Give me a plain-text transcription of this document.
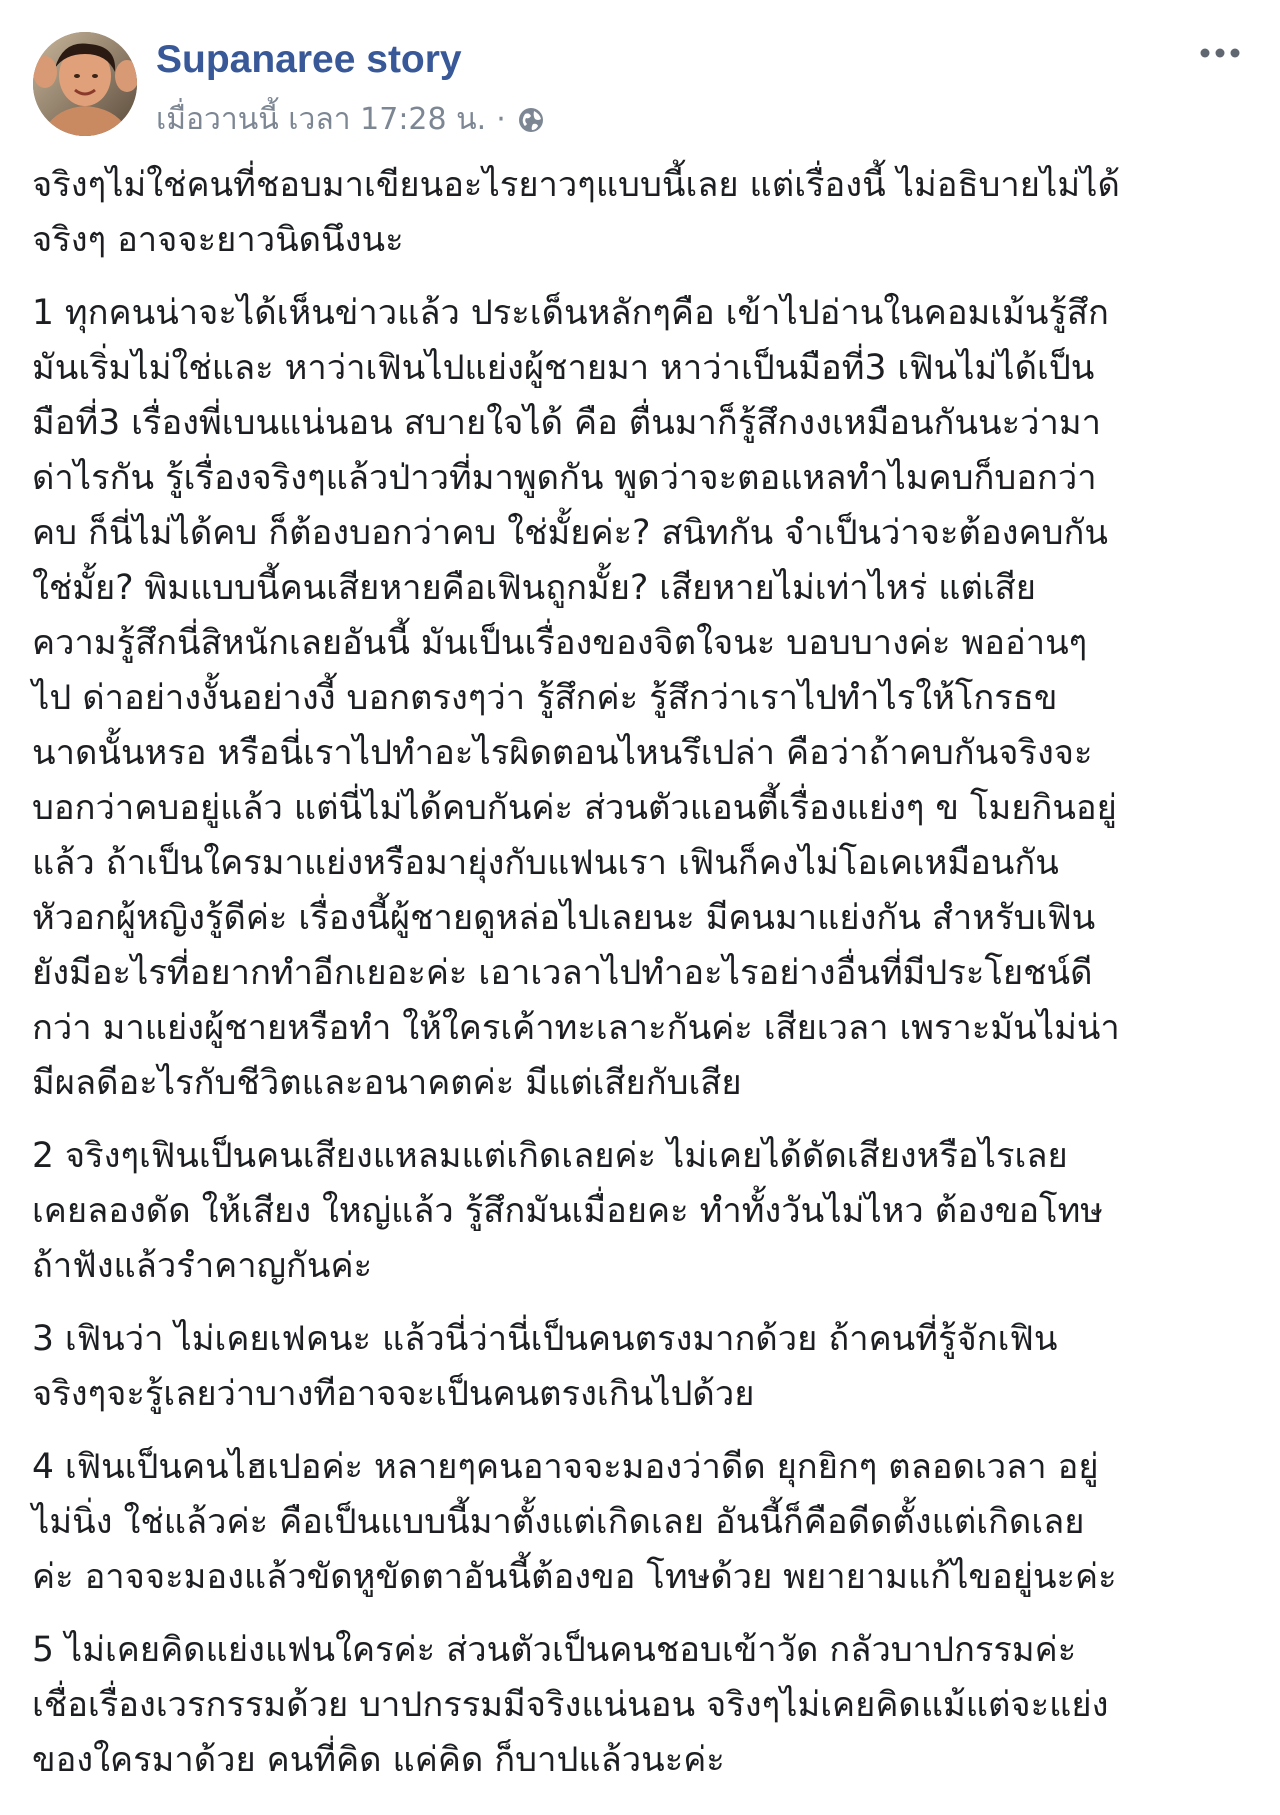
Supanaree story
เมื่อวานนี้ เวลา 17:28 น. ·

จริงๆไม่ใช่คนที่ชอบมาเขียนอะไรยาวๆแบบนี้เลย แต่เรื่องนี้ ไม่อธิบายไม่ได้
จริงๆ อาจจะยาวนิดนึงนะ

1 ทุกคนน่าจะได้เห็นข่าวแล้ว ประเด็นหลักๆคือ เข้าไปอ่านในคอมเม้นรู้สึก
มันเริ่มไม่ใช่และ หาว่าเฟินไปแย่งผู้ชายมา หาว่าเป็นมือที่3 เฟินไม่ได้เป็น
มือที่3 เรื่องพี่เบนแน่นอน สบายใจได้ คือ ตื่นมาก็รู้สึกงงเหมือนกันนะว่ามา
ด่าไรกัน รู้เรื่องจริงๆแล้วป่าวที่มาพูดกัน พูดว่าจะตอแหลทำไมคบก็บอกว่า
คบ ก็นี่ไม่ได้คบ ก็ต้องบอกว่าคบ ใช่มั้ยค่ะ? สนิทกัน จำเป็นว่าจะต้องคบกัน
ใช่มั้ย? พิมแบบนี้คนเสียหายคือเฟินถูกมั้ย? เสียหายไม่เท่าไหร่ แต่เสีย
ความรู้สึกนี่สิหนักเลยอันนี้ มันเป็นเรื่องของจิตใจนะ บอบบางค่ะ พออ่านๆ
ไป ด่าอย่างงั้นอย่างงี้ บอกตรงๆว่า รู้สึกค่ะ รู้สึกว่าเราไปทำไรให้โกรธข
นาดนั้นหรอ หรือนี่เราไปทำอะไรผิดตอนไหนรึเปล่า คือว่าถ้าคบกันจริงจะ
บอกว่าคบอยู่แล้ว แต่นี่ไม่ได้คบกันค่ะ ส่วนตัวแอนตี้เรื่องแย่งๆ ข โมยกินอยู่
แล้ว ถ้าเป็นใครมาแย่งหรือมายุ่งกับแฟนเรา เฟินก็คงไม่โอเคเหมือนกัน
หัวอกผู้หญิงรู้ดีค่ะ เรื่องนี้ผู้ชายดูหล่อไปเลยนะ มีคนมาแย่งกัน สำหรับเฟิน
ยังมีอะไรที่อยากทำอีกเยอะค่ะ เอาเวลาไปทำอะไรอย่างอื่นที่มีประโยชน์ดี
กว่า มาแย่งผู้ชายหรือทำ ให้ใครเค้าทะเลาะกันค่ะ เสียเวลา เพราะมันไม่น่า
มีผลดีอะไรกับชีวิตและอนาคตค่ะ มีแต่เสียกับเสีย

2 จริงๆเฟินเป็นคนเสียงแหลมแต่เกิดเลยค่ะ ไม่เคยได้ดัดเสียงหรือไรเลย
เคยลองดัด ให้เสียง ใหญ่แล้ว รู้สึกมันเมื่อยคะ ทำทั้งวันไม่ไหว ต้องขอโทษ
ถ้าฟังแล้วรำคาญกันค่ะ

3 เฟินว่า ไม่เคยเฟคนะ แล้วนี่ว่านี่เป็นคนตรงมากด้วย ถ้าคนที่รู้จักเฟิน
จริงๆจะรู้เลยว่าบางทีอาจจะเป็นคนตรงเกินไปด้วย

4 เฟินเป็นคนไฮเปอค่ะ หลายๆคนอาจจะมองว่าดีด ยุกยิกๆ ตลอดเวลา อยู่
ไม่นิ่ง ใช่แล้วค่ะ คือเป็นแบบนี้มาตั้งแต่เกิดเลย อันนี้ก็คือดีดตั้งแต่เกิดเลย
ค่ะ อาจจะมองแล้วขัดหูขัดตาอันนี้ต้องขอ โทษด้วย พยายามแก้ไขอยู่นะค่ะ

5 ไม่เคยคิดแย่งแฟนใครค่ะ ส่วนตัวเป็นคนชอบเข้าวัด กลัวบาปกรรมค่ะ
เชื่อเรื่องเวรกรรมด้วย บาปกรรมมีจริงแน่นอน จริงๆไม่เคยคิดแม้แต่จะแย่ง
ของใครมาด้วย คนที่คิด แค่คิด ก็บาปแล้วนะค่ะ
